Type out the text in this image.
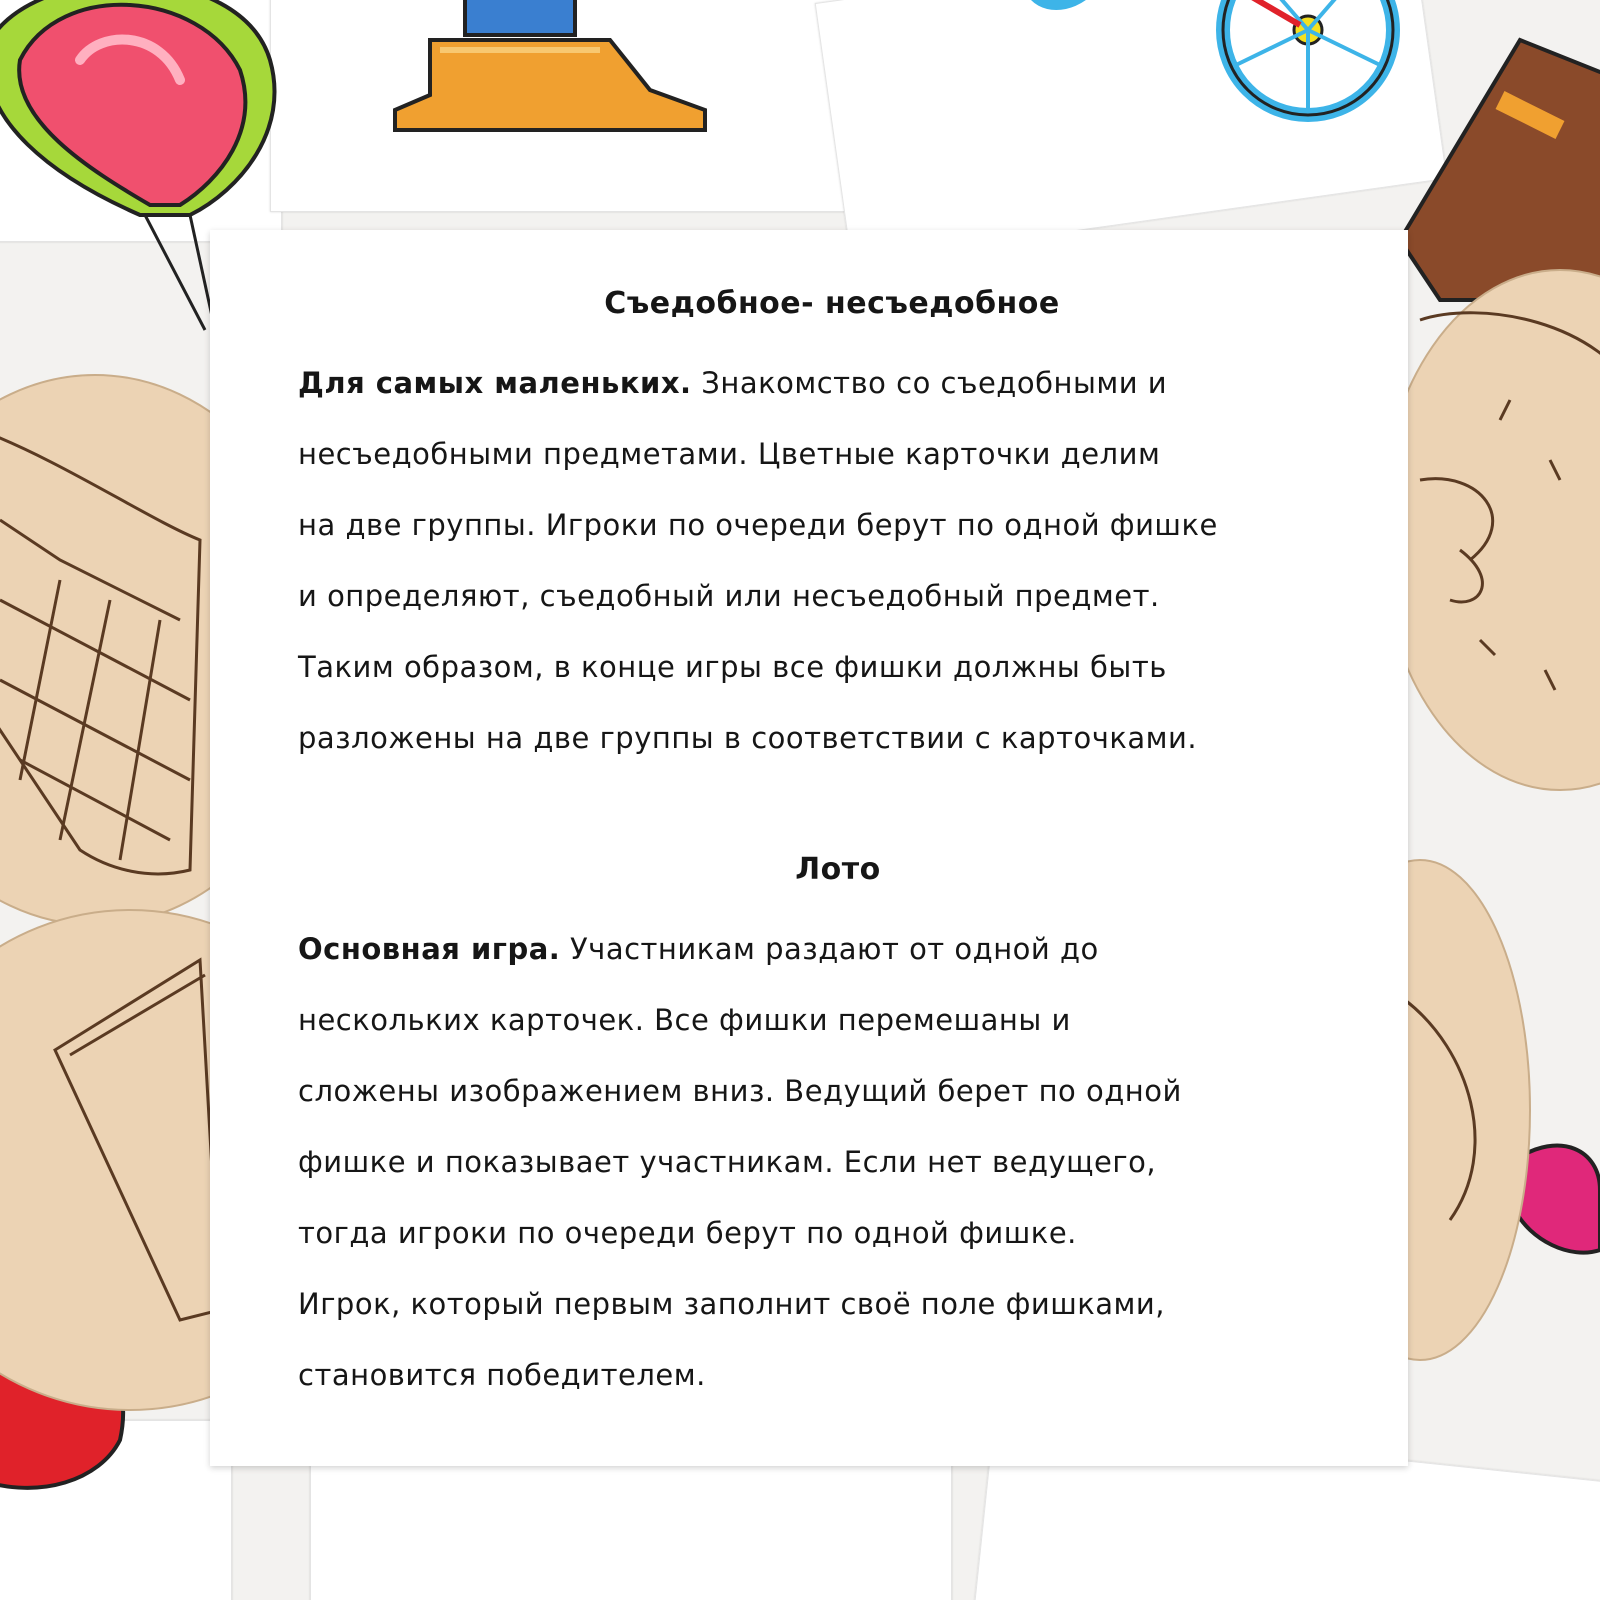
Съедобное- несъедобное

Для самых маленьких. Знакомство со съедобными и

несъедобными предметами. Цветные карточки делим

на две группы. Игроки по очереди берут по одной фишке

и определяют, съедобный или несъедобный предмет.

Таким образом, в конце игры все фишки должны быть

разложены на две группы в соответствии с карточками.

Лото

Основная игра. Участникам раздают от одной до

нескольких карточек. Все фишки перемешаны и

сложены изображением вниз. Ведущий берет по одной

фишке и показывает участникам. Если нет ведущего,

тогда игроки по очереди берут по одной фишке.

Игрок, который первым заполнит своё поле фишками,

становится победителем.
